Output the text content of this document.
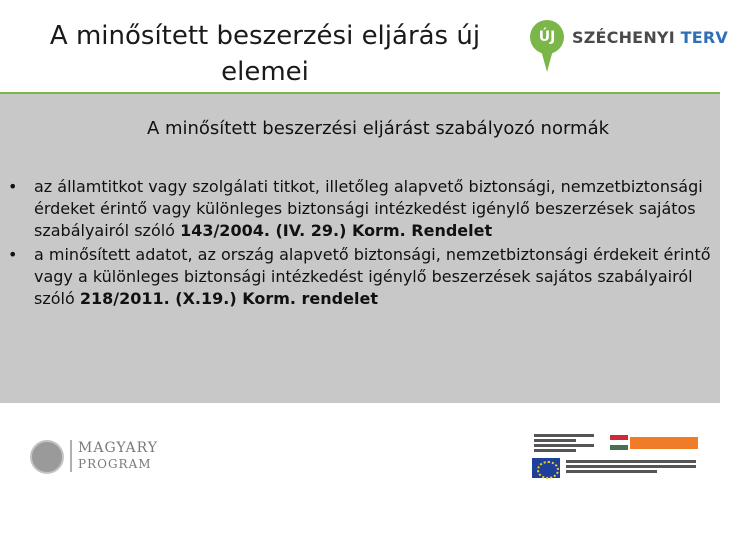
A minősített beszerzési eljárás új elemei
ÚJ	SZÉCHENYI TERV
A minősített beszerzési eljárást szabályozó normák
• az államtitkot vagy szolgálati titkot, illetőleg alapvető biztonsági, nemzetbiztonsági érdeket érintő vagy különleges biztonsági intézkedést igénylő beszerzések sajátos szabályairól szóló 143/2004. (IV. 29.) Korm. Rendelet
• a minősített adatot, az ország alapvető biztonsági, nemzetbiztonsági érdekeit érintő vagy a különleges biztonsági intézkedést igénylő beszerzések sajátos szabályairól szóló 218/2011. (X.19.) Korm. rendelet
MAGYARY
PROGRAM
